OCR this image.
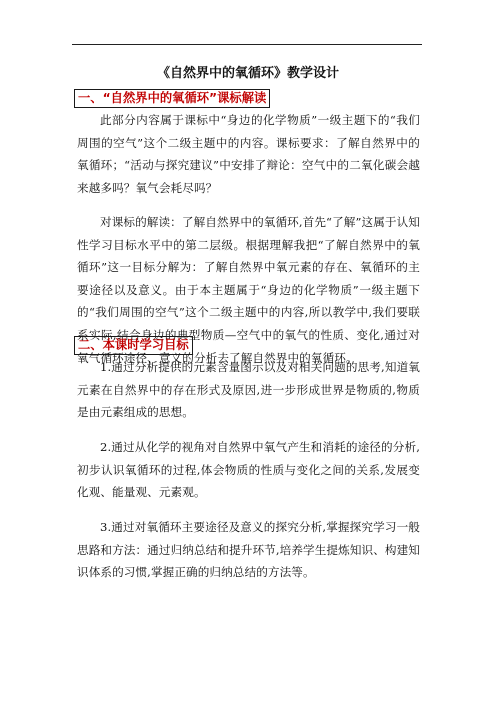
《自然界中的氧循环》教学设计
一、“自然界中的氧循环”课标解读

此部分内容属于课标中“身边的化学物质”一级主题下的“我们周围的空气”这个二级主题中的内容。课标要求：了解自然界中的氧循环；“活动与探究建议”中安排了辩论：空气中的二氧化碳会越来越多吗？氧气会耗尽吗？

对课标的解读：了解自然界中的氧循环,首先“了解”这属于认知性学习目标水平中的第二层级。根据理解我把“了解自然界中的氧循环”这一目标分解为：了解自然界中氧元素的存在、氧循环的主要途径以及意义。由于本主题属于“身边的化学物质”一级主题下的“我们周围的空气”这个二级主题中的内容,所以教学中,我们要联系实际,结合身边的典型物质—空气中的氧气的性质、变化,通过对氧气循环途径、意义的分析去了解自然界中的氧循环。

二、本课时学习目标

1.通过分析提供的元素含量图示以及对相关问题的思考,知道氧元素在自然界中的存在形式及原因,进一步形成世界是物质的,物质是由元素组成的思想。

2.通过从化学的视角对自然界中氧气产生和消耗的途径的分析,初步认识氧循环的过程,体会物质的性质与变化之间的关系,发展变化观、能量观、元素观。

3.通过对氧循环主要途径及意义的探究分析,掌握探究学习一般思路和方法：通过归纳总结和提升环节,培养学生提炼知识、构建知识体系的习惯,掌握正确的归纳总结的方法等。
